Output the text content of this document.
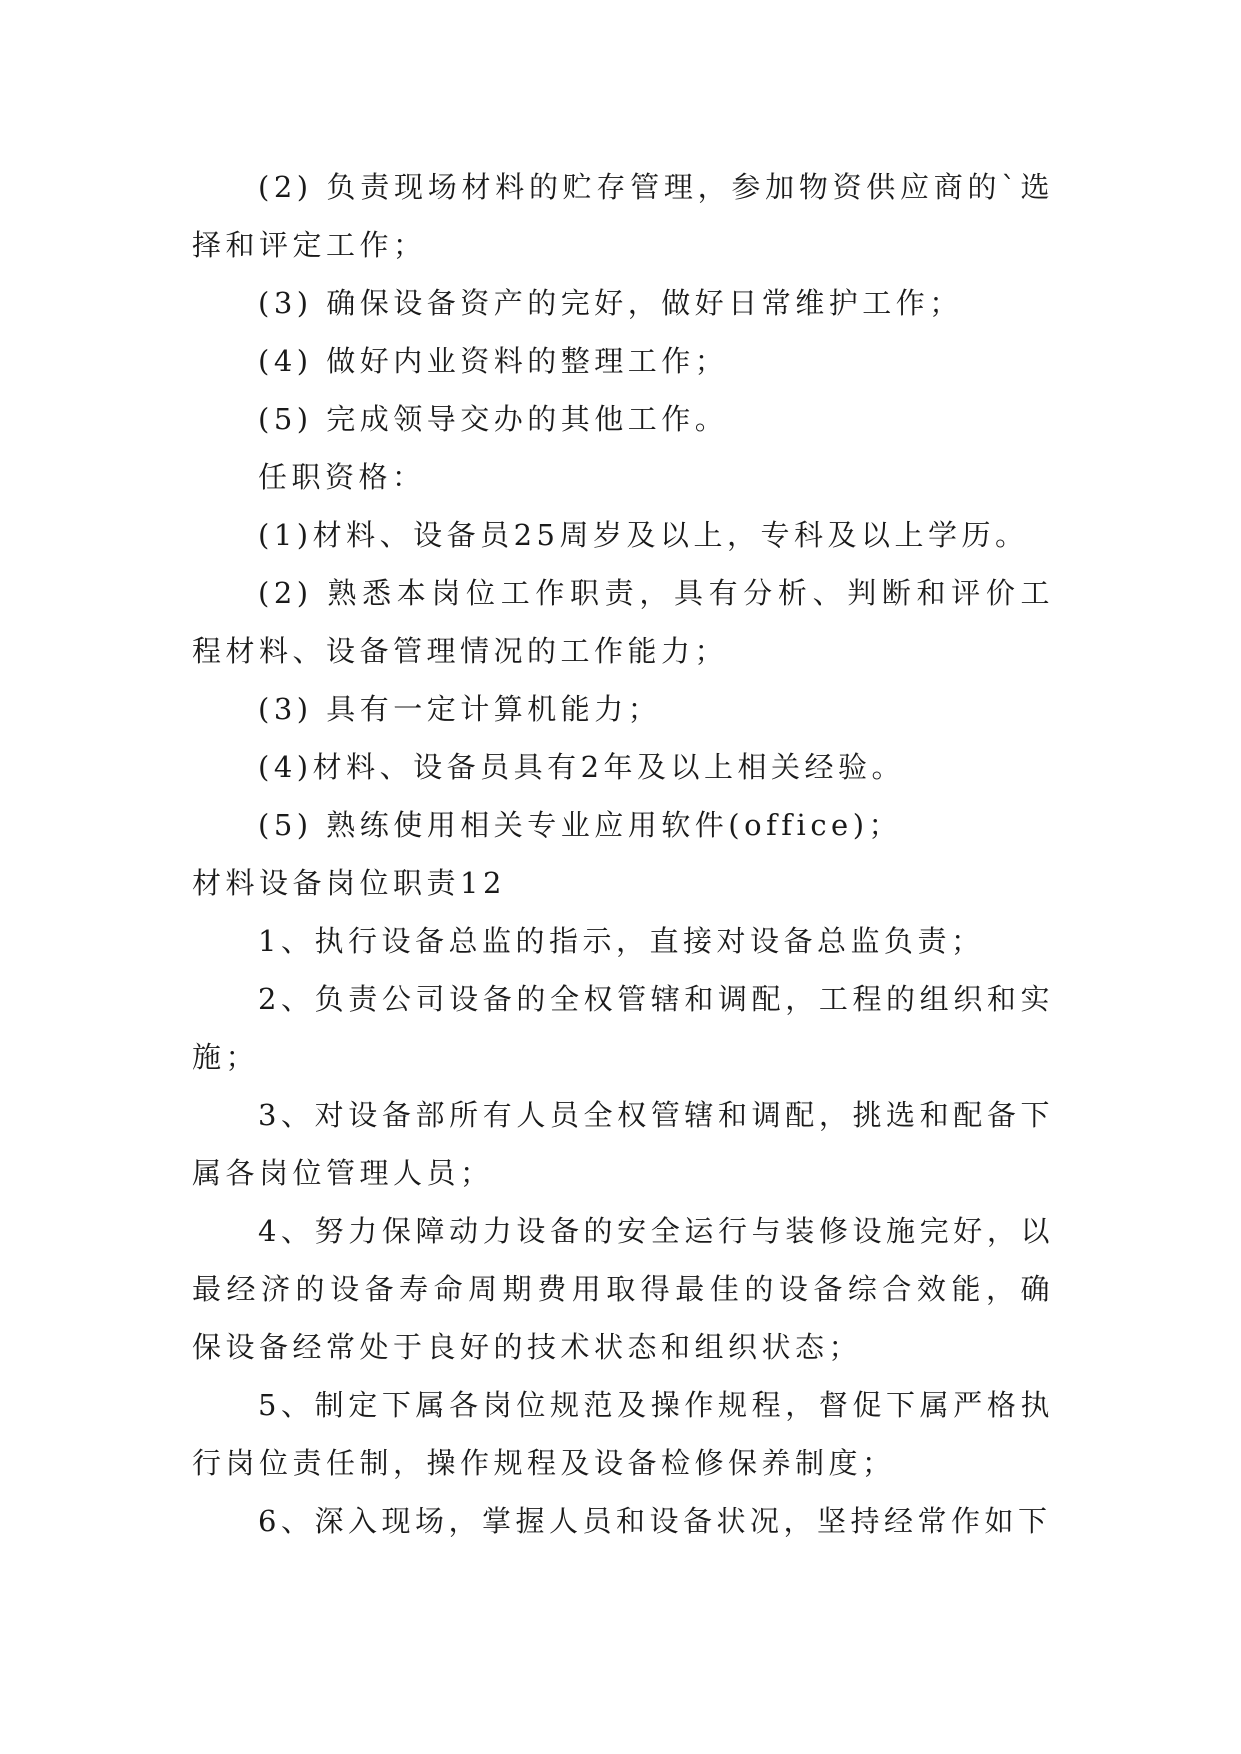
(2) 负责现场材料的贮存管理，参加物资供应商的`选择和评定工作；

(3) 确保设备资产的完好，做好日常维护工作；

(4) 做好内业资料的整理工作；

(5) 完成领导交办的其他工作。

任职资格：

(1)材料、设备员25周岁及以上，专科及以上学历。

(2) 熟悉本岗位工作职责，具有分析、判断和评价工程材料、设备管理情况的工作能力；

(3) 具有一定计算机能力；

(4)材料、设备员具有2年及以上相关经验。

(5) 熟练使用相关专业应用软件(office)；

材料设备岗位职责12

1、执行设备总监的指示，直接对设备总监负责；

2、负责公司设备的全权管辖和调配，工程的组织和实施；

3、对设备部所有人员全权管辖和调配，挑选和配备下属各岗位管理人员；

4、努力保障动力设备的安全运行与装修设施完好，以最经济的设备寿命周期费用取得最佳的设备综合效能，确保设备经常处于良好的技术状态和组织状态；

5、制定下属各岗位规范及操作规程，督促下属严格执行岗位责任制，操作规程及设备检修保养制度；

6、深入现场，掌握人员和设备状况，坚持经常作如下
